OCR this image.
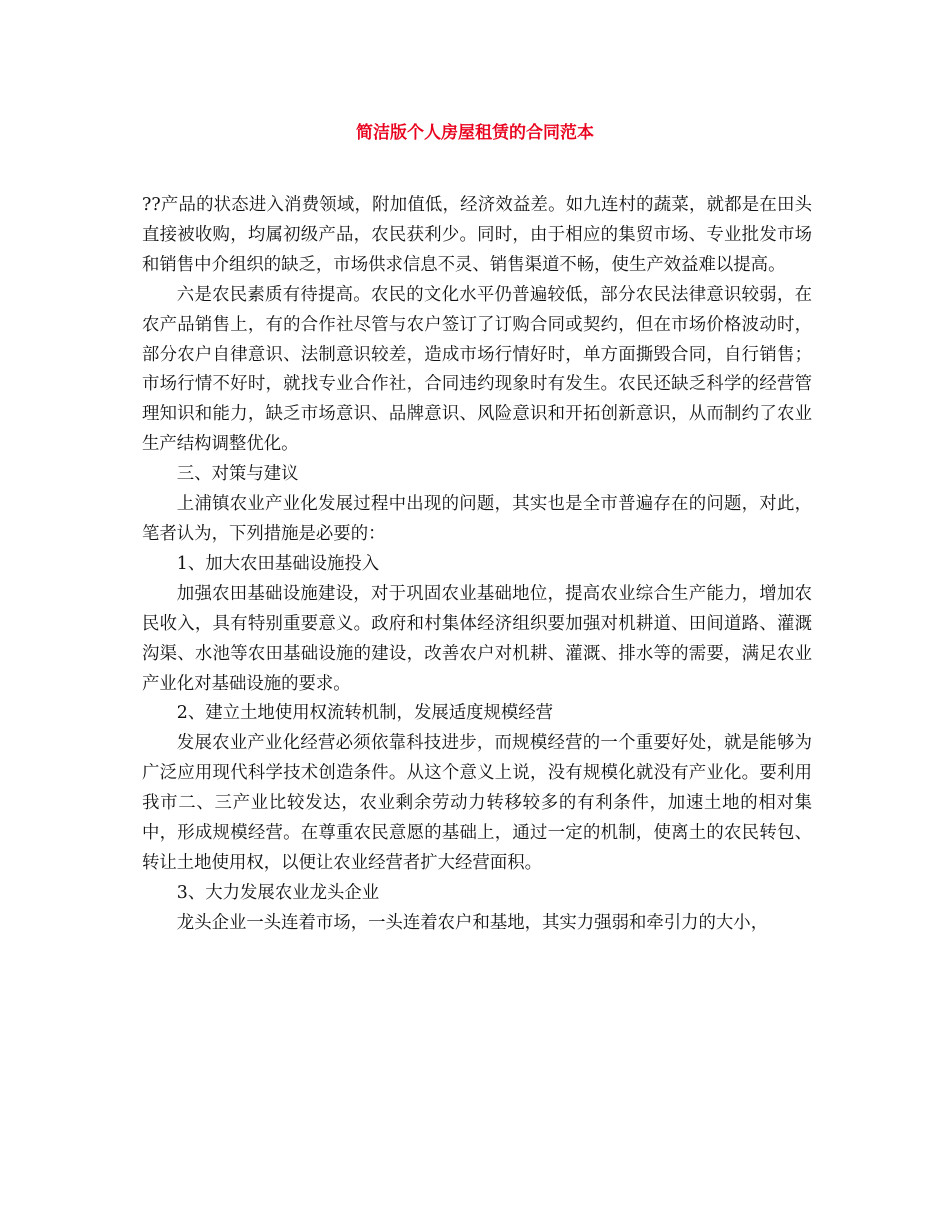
简洁版个人房屋租赁的合同范本

??产品的状态进入消费领域，附加值低，经济效益差。如九连村的蔬菜，就都是在田头直接被收购，均属初级产品，农民获利少。同时，由于相应的集贸市场、专业批发市场和销售中介组织的缺乏，市场供求信息不灵、销售渠道不畅，使生产效益难以提高。

六是农民素质有待提高。农民的文化水平仍普遍较低，部分农民法律意识较弱，在农产品销售上，有的合作社尽管与农户签订了订购合同或契约，但在市场价格波动时，部分农户自律意识、法制意识较差，造成市场行情好时，单方面撕毁合同，自行销售；市场行情不好时，就找专业合作社，合同违约现象时有发生。农民还缺乏科学的经营管理知识和能力，缺乏市场意识、品牌意识、风险意识和开拓创新意识，从而制约了农业生产结构调整优化。

三、对策与建议

上浦镇农业产业化发展过程中出现的问题，其实也是全市普遍存在的问题，对此，笔者认为，下列措施是必要的：

1、加大农田基础设施投入

加强农田基础设施建设，对于巩固农业基础地位，提高农业综合生产能力，增加农民收入，具有特别重要意义。政府和村集体经济组织要加强对机耕道、田间道路、灌溉沟渠、水池等农田基础设施的建设，改善农户对机耕、灌溉、排水等的需要，满足农业产业化对基础设施的要求。

2、建立土地使用权流转机制，发展适度规模经营

发展农业产业化经营必须依靠科技进步，而规模经营的一个重要好处，就是能够为广泛应用现代科学技术创造条件。从这个意义上说，没有规模化就没有产业化。要利用我市二、三产业比较发达，农业剩余劳动力转移较多的有利条件，加速土地的相对集中，形成规模经营。在尊重农民意愿的基础上，通过一定的机制，使离土的农民转包、转让土地使用权，以便让农业经营者扩大经营面积。

3、大力发展农业龙头企业

龙头企业一头连着市场，一头连着农户和基地，其实力强弱和牵引力的大小，
